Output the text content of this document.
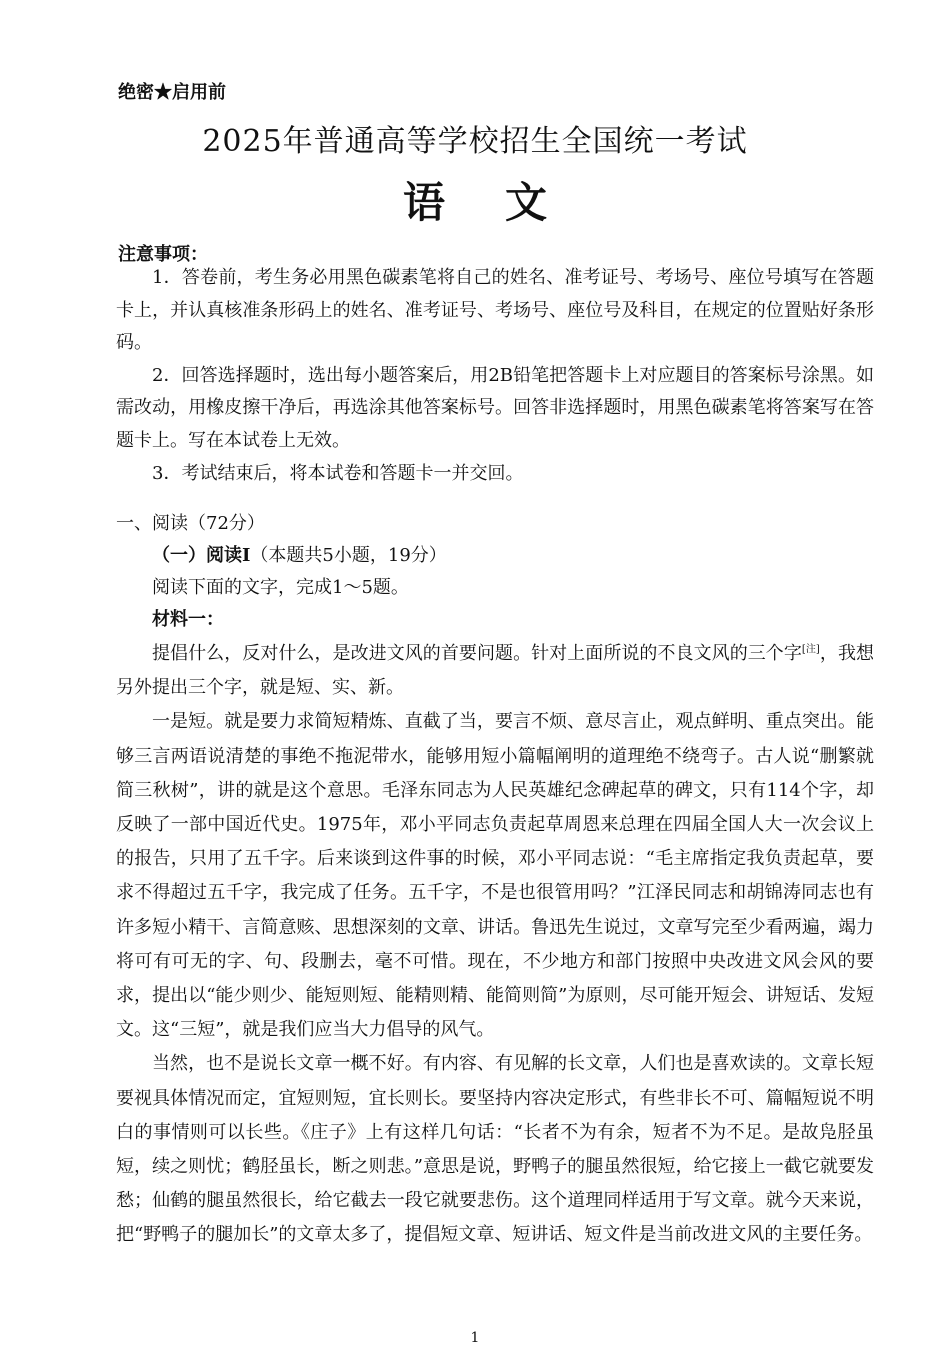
绝密★启用前
2025年普通高等学校招生全国统一考试
语文
注意事项：

1．答卷前，考生务必用黑色碳素笔将自己的姓名、准考证号、考场号、座位号填写在答题卡上，并认真核准条形码上的姓名、准考证号、考场号、座位号及科目，在规定的位置贴好条形码。

2．回答选择题时，选出每小题答案后，用2B铅笔把答题卡上对应题目的答案标号涂黑。如需改动，用橡皮擦干净后，再选涂其他答案标号。回答非选择题时，用黑色碳素笔将答案写在答题卡上。写在本试卷上无效。

3．考试结束后，将本试卷和答题卡一并交回。

一、阅读（72分）
（一）阅读Ⅰ（本题共5小题，19分）
阅读下面的文字，完成1～5题。
材料一：

提倡什么，反对什么，是改进文风的首要问题。针对上面所说的不良文风的三个字[注]，我想另外提出三个字，就是短、实、新。

一是短。就是要力求简短精炼、直截了当，要言不烦、意尽言止，观点鲜明、重点突出。能够三言两语说清楚的事绝不拖泥带水，能够用短小篇幅阐明的道理绝不绕弯子。古人说“删繁就简三秋树”，讲的就是这个意思。毛泽东同志为人民英雄纪念碑起草的碑文，只有114个字，却反映了一部中国近代史。1975年，邓小平同志负责起草周恩来总理在四届全国人大一次会议上的报告，只用了五千字。后来谈到这件事的时候，邓小平同志说：“毛主席指定我负责起草，要求不得超过五千字，我完成了任务。五千字，不是也很管用吗？”江泽民同志和胡锦涛同志也有许多短小精干、言简意赅、思想深刻的文章、讲话。鲁迅先生说过，文章写完至少看两遍，竭力将可有可无的字、句、段删去，毫不可惜。现在，不少地方和部门按照中央改进文风会风的要求，提出以“能少则少、能短则短、能精则精、能简则简”为原则，尽可能开短会、讲短话、发短文。这“三短”，就是我们应当大力倡导的风气。

当然，也不是说长文章一概不好。有内容、有见解的长文章，人们也是喜欢读的。文章长短要视具体情况而定，宜短则短，宜长则长。要坚持内容决定形式，有些非长不可、篇幅短说不明白的事情则可以长些。《庄子》上有这样几句话：“长者不为有余，短者不为不足。是故凫胫虽短，续之则忧；鹤胫虽长，断之则悲。”意思是说，野鸭子的腿虽然很短，给它接上一截它就要发愁；仙鹤的腿虽然很长，给它截去一段它就要悲伤。这个道理同样适用于写文章。就今天来说，把“野鸭子的腿加长”的文章太多了，提倡短文章、短讲话、短文件是当前改进文风的主要任务。

1
